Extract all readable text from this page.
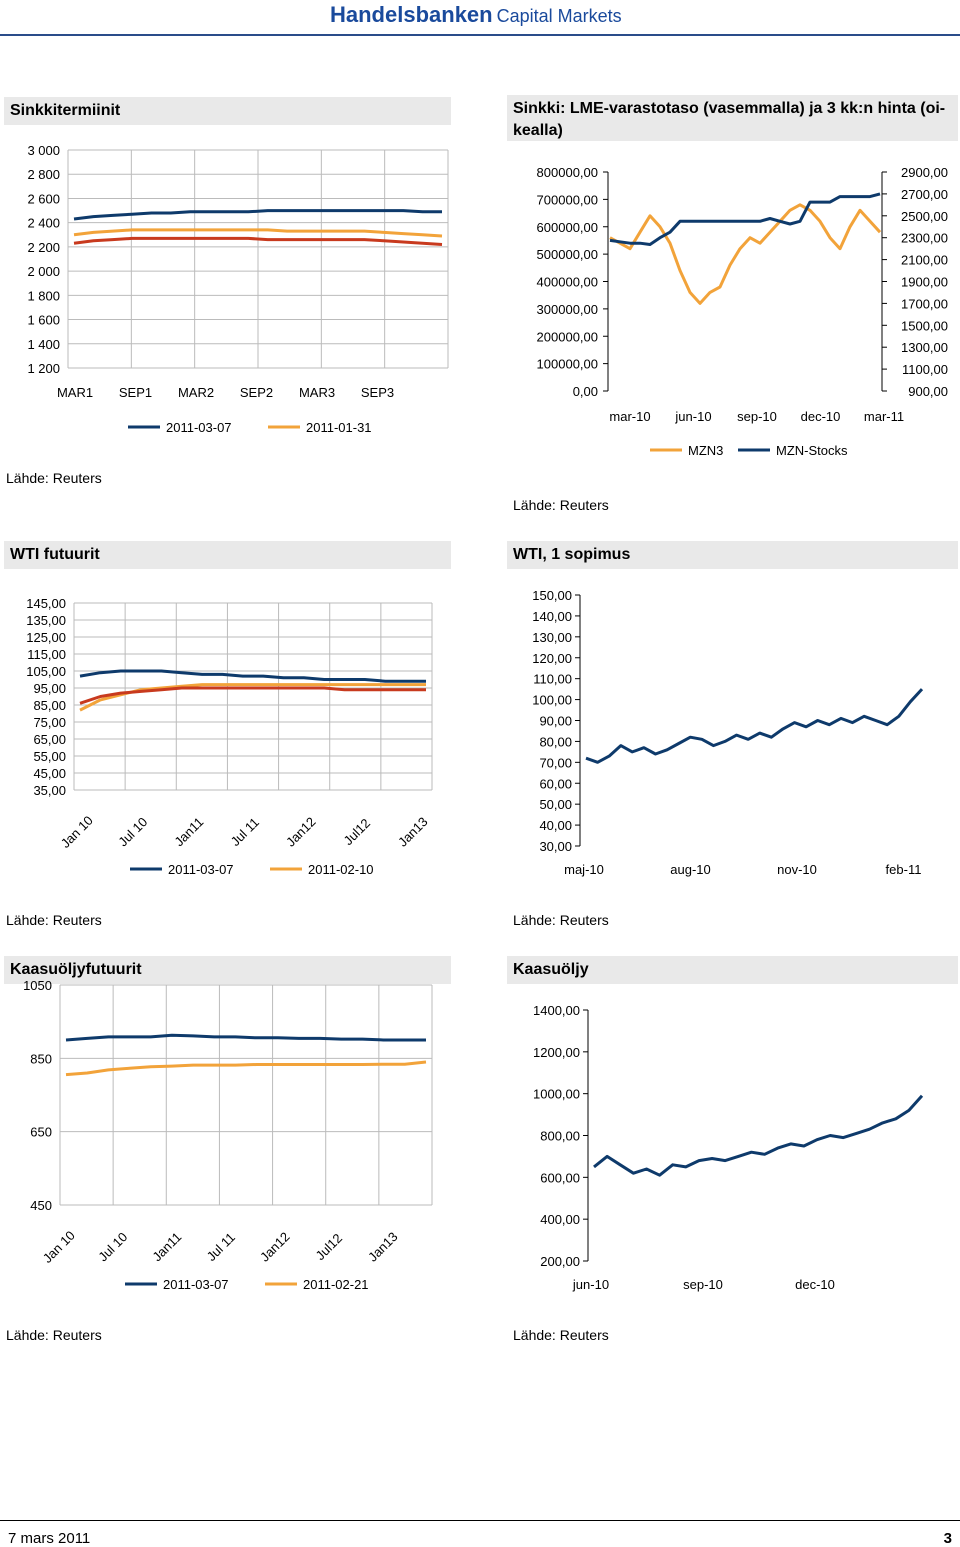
Handelsbanken Capital Markets
Sinkkitermiinit
3 000
2 800
2 600
2 400
2 200
2 000
1 800
1 600
1 400
1 200
MAR1 SEP1 MAR2 SEP2 MAR3 SEP3
2011-03-07	2011-01-31
Lähde: Reuters
Sinkki: LME-varastotaso (vasemmalla) ja 3 kk:n hinta (oi-kealla)
800000,00
700000,00
600000,00
500000,00
400000,00
300000,00
200000,00
100000,00
0,00
2900,00
2700,00
2500,00
2300,00
2100,00
1900,00
1700,00
1500,00
1300,00
1100,00
900,00
mar-10 jun-10 sep-10 dec-10 mar-11
MZN3	MZN-Stocks
Lähde: Reuters
WTI futuurit
145,00
135,00
125,00
115,00
105,00
95,00
85,00
75,00
65,00
55,00
45,00
35,00
Jan 10 Jul 10 Jan11 Jul 11 Jan12 Jul12 Jan13
2011-03-07	2011-02-10
Lähde: Reuters
WTI, 1 sopimus
150,00
140,00
130,00
120,00
110,00
100,00
90,00
80,00
70,00
60,00
50,00
40,00
30,00
maj-10	aug-10	nov-10	feb-11
Lähde: Reuters
Kaasuöljyfutuurit
1050
850
650
450
Jan 10 Jul 10 Jan11 Jul 11 Jan12 Jul12 Jan13
2011-03-07	2011-02-21
Lähde: Reuters
Kaasuöljy
1400,00
1200,00
1000,00
800,00
600,00
400,00
200,00
jun-10	sep-10	dec-10
Lähde: Reuters
7 mars 2011	3
